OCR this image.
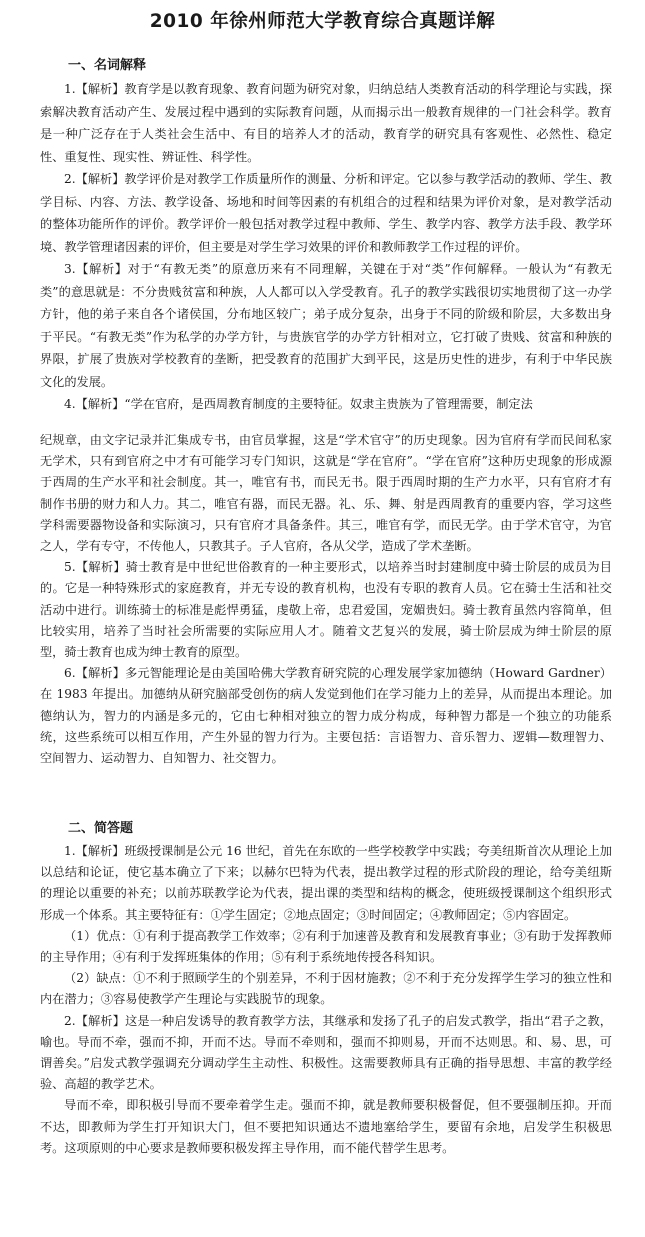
2010 年徐州师范大学教育综合真题详解
一、名词解释

1.【解析】教育学是以教育现象、教育问题为研究对象，归纳总结人类教育活动的科学理论与实践，探索解决教育活动产生、发展过程中遇到的实际教育问题，从而揭示出一般教育规律的一门社会科学。教育是一种广泛存在于人类社会生活中、有目的培养人才的活动，教育学的研究具有客观性、必然性、稳定性、重复性、现实性、辨证性、科学性。

2.【解析】教学评价是对教学工作质量所作的测量、分析和评定。它以参与教学活动的教师、学生、教学目标、内容、方法、教学设备、场地和时间等因素的有机组合的过程和结果为评价对象，是对教学活动的整体功能所作的评价。教学评价一般包括对教学过程中教师、学生、教学内容、教学方法手段、教学环境、教学管理诸因素的评价，但主要是对学生学习效果的评价和教师教学工作过程的评价。

3.【解析】对于“有教无类”的原意历来有不同理解，关键在于对“类”作何解释。一般认为“有教无类”的意思就是：不分贵贱贫富和种族，人人都可以入学受教育。孔子的教学实践很切实地贯彻了这一办学方针，他的弟子来自各个诸侯国，分布地区较广；弟子成分复杂，出身于不同的阶级和阶层，大多数出身于平民。“有教无类”作为私学的办学方针，与贵族官学的办学方针相对立，它打破了贵贱、贫富和种族的界限，扩展了贵族对学校教育的垄断，把受教育的范围扩大到平民，这是历史性的进步，有利于中华民族文化的发展。

4.【解析】“学在官府，是西周教育制度的主要特征。奴隶主贵族为了管理需要，制定法

纪规章，由文字记录并汇集成专书，由官员掌握，这是“学术官守”的历史现象。因为官府有学而民间私家无学术，只有到官府之中才有可能学习专门知识，这就是“学在官府”。“学在官府”这种历史现象的形成源于西周的生产水平和社会制度。其一，唯官有书，而民无书。限于西周时期的生产力水平，只有官府才有制作书册的财力和人力。其二，唯官有器，而民无器。礼、乐、舞、射是西周教育的重要内容，学习这些学科需要器物设备和实际演习，只有官府才具备条件。其三，唯官有学，而民无学。由于学术官守，为官之人，学有专守，不传他人，只教其子。子人官府，各从父学，造成了学术垄断。

5.【解析】骑士教育是中世纪世俗教育的一种主要形式，以培养当时封建制度中骑士阶层的成员为目的。它是一种特殊形式的家庭教育，并无专设的教育机构，也没有专职的教育人员。它在骑士生活和社交活动中进行。训练骑士的标准是彪悍勇猛，虔敬上帝，忠君爱国，宠媚贵妇。骑士教育虽然内容简单，但比较实用，培养了当时社会所需要的实际应用人才。随着文艺复兴的发展，骑士阶层成为绅士阶层的原型，骑士教育也成为绅士教育的原型。

6.【解析】多元智能理论是由美国哈佛大学教育研究院的心理发展学家加德纳（Howard Gardner）在 1983 年提出。加德纳从研究脑部受创伤的病人发觉到他们在学习能力上的差异，从而提出本理论。加德纳认为，智力的内涵是多元的，它由七种相对独立的智力成分构成，每种智力都是一个独立的功能系统，这些系统可以相互作用，产生外显的智力行为。主要包括：言语智力、音乐智力、逻辑—数理智力、空间智力、运动智力、自知智力、社交智力。

二、简答题

1.【解析】班级授课制是公元 16 世纪，首先在东欧的一些学校教学中实践；夸美纽斯首次从理论上加以总结和论证，使它基本确立了下来；以赫尔巴特为代表，提出教学过程的形式阶段的理论，给夸美纽斯的理论以重要的补充；以前苏联教学论为代表，提出课的类型和结构的概念，使班级授课制这个组织形式形成一个体系。其主要特征有：①学生固定；②地点固定；③时间固定；④教师固定；⑤内容固定。

（1）优点：①有利于提高教学工作效率；②有利于加速普及教育和发展教育事业；③有助于发挥教师的主导作用；④有利于发挥班集体的作用；⑤有利于系统地传授各科知识。

（2）缺点：①不利于照顾学生的个别差异，不利于因材施教；②不利于充分发挥学生学习的独立性和内在潜力；③容易使教学产生理论与实践脱节的现象。

2.【解析】这是一种启发诱导的教育教学方法，其继承和发扬了孔子的启发式教学，指出“君子之教，喻也。导而不牵，强而不抑，开而不达。导而不牵则和，强而不抑则易，开而不达则思。和、易、思，可谓善矣。”启发式教学强调充分调动学生主动性、积极性。这需要教师具有正确的指导思想、丰富的教学经验、高超的教学艺术。

导而不牵，即积极引导而不要牵着学生走。强而不抑，就是教师要积极督促，但不要强制压抑。开而不达，即教师为学生打开知识大门，但不要把知识通达不遗地塞给学生，要留有余地，启发学生积极思考。这项原则的中心要求是教师要积极发挥主导作用，而不能代替学生思考。
